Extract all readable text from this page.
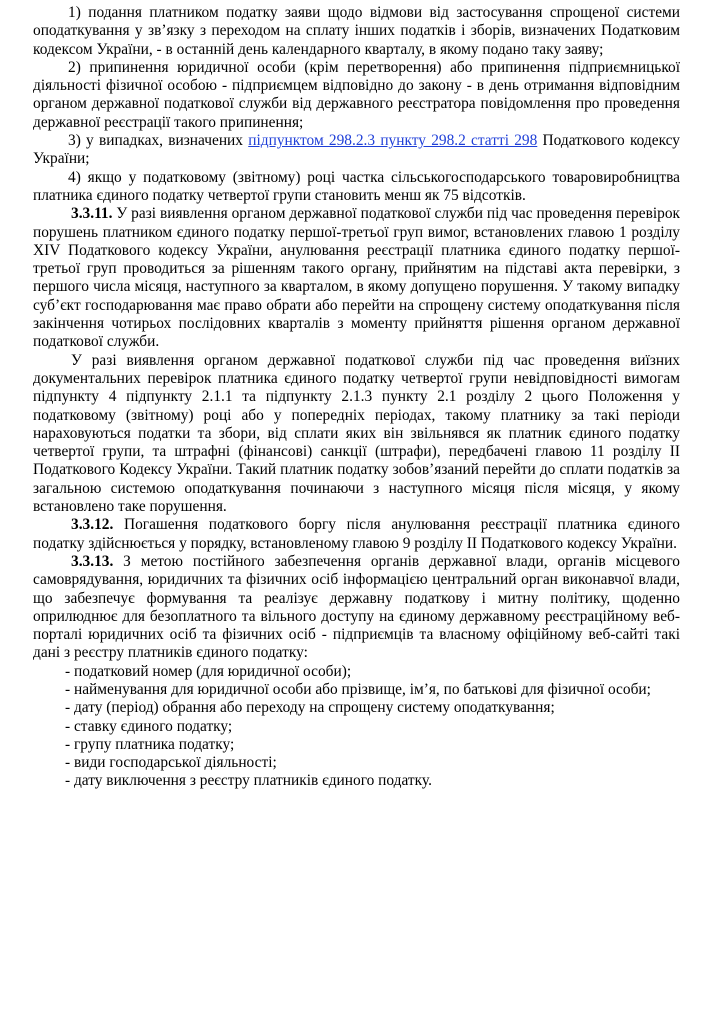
1) подання платником податку заяви щодо відмови від застосування спрощеної системи оподаткування у зв’язку з переходом на сплату інших податків і зборів, визначених Податковим кодексом України, - в останній день календарного кварталу, в якому подано таку заяву;

2) припинення юридичної особи (крім перетворення) або припинення підприємницької діяльності фізичної особою - підприємцем відповідно до закону - в день отримання відповідним органом державної податкової служби від державного реєстратора повідомлення про проведення державної реєстрації такого припинення;

3) у випадках, визначених підпунктом 298.2.3 пункту 298.2 статті 298 Податкового кодексу України;

4) якщо у податковому (звітному) році частка сільськогосподарського товаровиробництва платника єдиного податку четвертої групи становить менш як 75 відсотків.

3.3.11. У разі виявлення органом державної податкової служби під час проведення перевірок порушень платником єдиного податку першої-третьої груп вимог, встановлених главою 1 розділу XIV Податкового кодексу України, анулювання реєстрації платника єдиного податку першої-третьої груп проводиться за рішенням такого органу, прийнятим на підставі акта перевірки, з першого числа місяця, наступного за кварталом, в якому допущено порушення. У такому випадку суб’єкт господарювання має право обрати або перейти на спрощену систему оподаткування після закінчення чотирьох послідовних кварталів з моменту прийняття рішення органом державної податкової служби.

У разі виявлення органом державної податкової служби під час проведення виїзних документальних перевірок платника єдиного податку четвертої групи невідповідності вимогам підпункту 4 підпункту 2.1.1 та підпункту 2.1.3 пункту 2.1 розділу 2 цього Положення у податковому (звітному) році або у попередніх періодах, такому платнику за такі періоди нараховуються податки та збори, від сплати яких він звільнявся як платник єдиного податку четвертої групи, та штрафні (фінансові) санкції (штрафи), передбачені главою 11 розділу II Податкового Кодексу України. Такий платник податку зобов’язаний перейти до сплати податків за загальною системою оподаткування починаючи з наступного місяця після місяця, у якому встановлено таке порушення.

3.3.12. Погашення податкового боргу після анулювання реєстрації платника єдиного податку здійснюється у порядку, встановленому главою 9 розділу II Податкового кодексу України.

3.3.13. З метою постійного забезпечення органів державної влади, органів місцевого самоврядування, юридичних та фізичних осіб інформацією центральний орган виконавчої влади, що забезпечує формування та реалізує державну податкову і митну політику, щоденно оприлюднює для безоплатного та вільного доступу на єдиному державному реєстраційному веб-порталі юридичних осіб та фізичних осіб - підприємців та власному офіційному веб-сайті такі дані з реєстру платників єдиного податку:

- податковий номер (для юридичної особи);

- найменування для юридичної особи або прізвище, ім’я, по батькові для фізичної особи;

- дату (період) обрання або переходу на спрощену систему оподаткування;

- ставку єдиного податку;

- групу платника податку;

- види господарської діяльності;

- дату виключення з реєстру платників єдиного податку.
